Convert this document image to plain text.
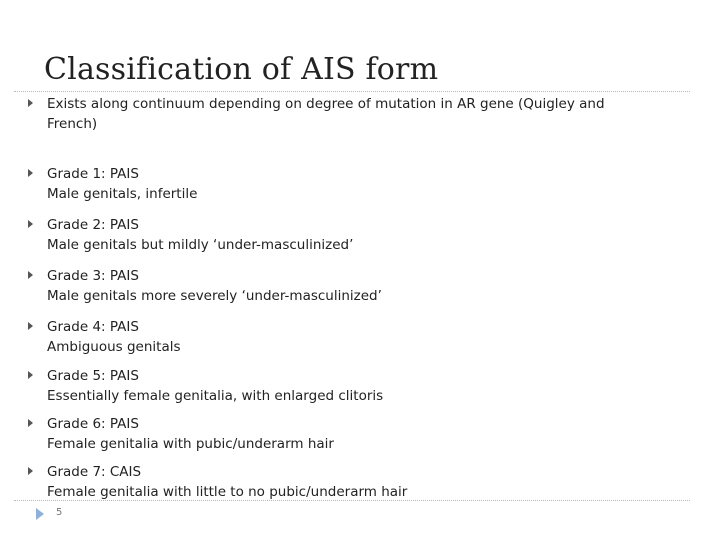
Classification of AIS form
Exists along continuum depending on degree of mutation in AR gene (Quigley and
French)
Grade 1: PAIS
Male genitals, infertile
Grade 2: PAIS
Male genitals but mildly ‘under-masculinized’
Grade 3: PAIS
Male genitals more severely ‘under-masculinized’
Grade 4: PAIS
Ambiguous genitals
Grade 5: PAIS
Essentially female genitalia, with enlarged clitoris
Grade 6: PAIS
Female genitalia with pubic/underarm hair
Grade 7: CAIS
Female genitalia with little to no pubic/underarm hair
5
